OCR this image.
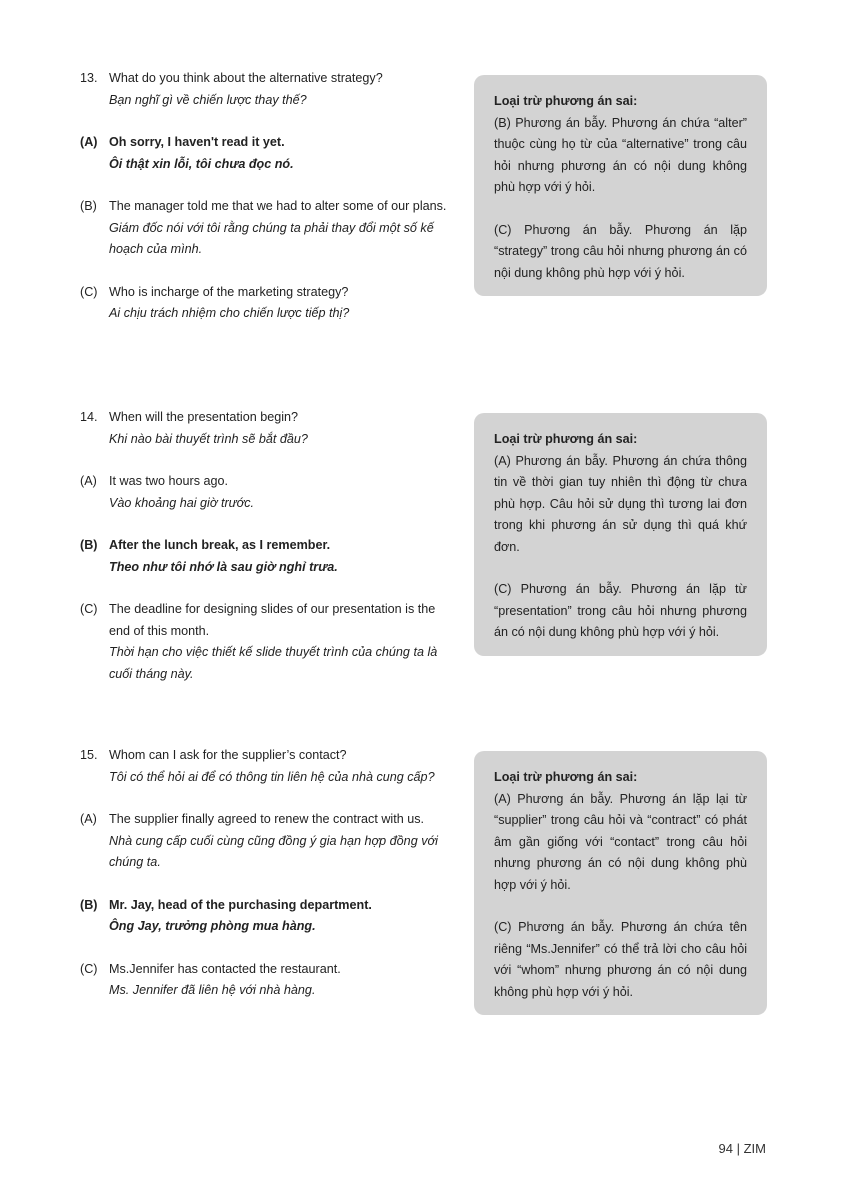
13. What do you think about the alternative strategy?
Bạn nghĩ gì về chiến lược thay thế?
(A) Oh sorry, I haven't read it yet.
Ôi thật xin lỗi, tôi chưa đọc nó.
(B) The manager told me that we had to alter some of our plans.
Giám đốc nói với tôi rằng chúng ta phải thay đổi một số kế hoạch của mình.
(C) Who is incharge of the marketing strategy?
Ai chịu trách nhiệm cho chiến lược tiếp thị?
Loại trừ phương án sai:
(B) Phương án bẫy. Phương án chứa “alter” thuộc cùng họ từ của “alternative” trong câu hỏi nhưng phương án có nội dung không phù hợp với ý hỏi.
(C) Phương án bẫy. Phương án lặp “strategy” trong câu hỏi nhưng phương án có nội dung không phù hợp với ý hỏi.
14. When will the presentation begin?
Khi nào bài thuyết trình sẽ bắt đầu?
(A) It was two hours ago.
Vào khoảng hai giờ trước.
(B) After the lunch break, as I remember.
Theo như tôi nhớ là sau giờ nghỉ trưa.
(C) The deadline for designing slides of our presentation is the end of this month.
Thời hạn cho việc thiết kế slide thuyết trình của chúng ta là cuối tháng này.
Loại trừ phương án sai:
(A) Phương án bẫy. Phương án chứa thông tin về thời gian tuy nhiên thì động từ chưa phù hợp. Câu hỏi sử dụng thì tương lai đơn trong khi phương án sử dụng thì quá khứ đơn.
(C) Phương án bẫy. Phương án lặp từ “presentation” trong câu hỏi nhưng phương án có nội dung không phù hợp với ý hỏi.
15. Whom can I ask for the supplier’s contact?
Tôi có thể hỏi ai để có thông tin liên hệ của nhà cung cấp?
(A) The supplier finally agreed to renew the contract with us.
Nhà cung cấp cuối cùng cũng đồng ý gia hạn hợp đồng với chúng ta.
(B) Mr. Jay, head of the purchasing department.
Ông Jay, trưởng phòng mua hàng.
(C) Ms.Jennifer has contacted the restaurant.
Ms. Jennifer đã liên hệ với nhà hàng.
Loại trừ phương án sai:
(A) Phương án bẫy. Phương án lặp lại từ “supplier” trong câu hỏi và “contract” có phát âm gần giống với “contact” trong câu hỏi nhưng phương án có nội dung không phù hợp với ý hỏi.
(C) Phương án bẫy. Phương án chứa tên riêng “Ms.Jennifer” có thể trả lời cho câu hỏi với “whom” nhưng phương án có nội dung không phù hợp với ý hỏi.
94 | ZIM
